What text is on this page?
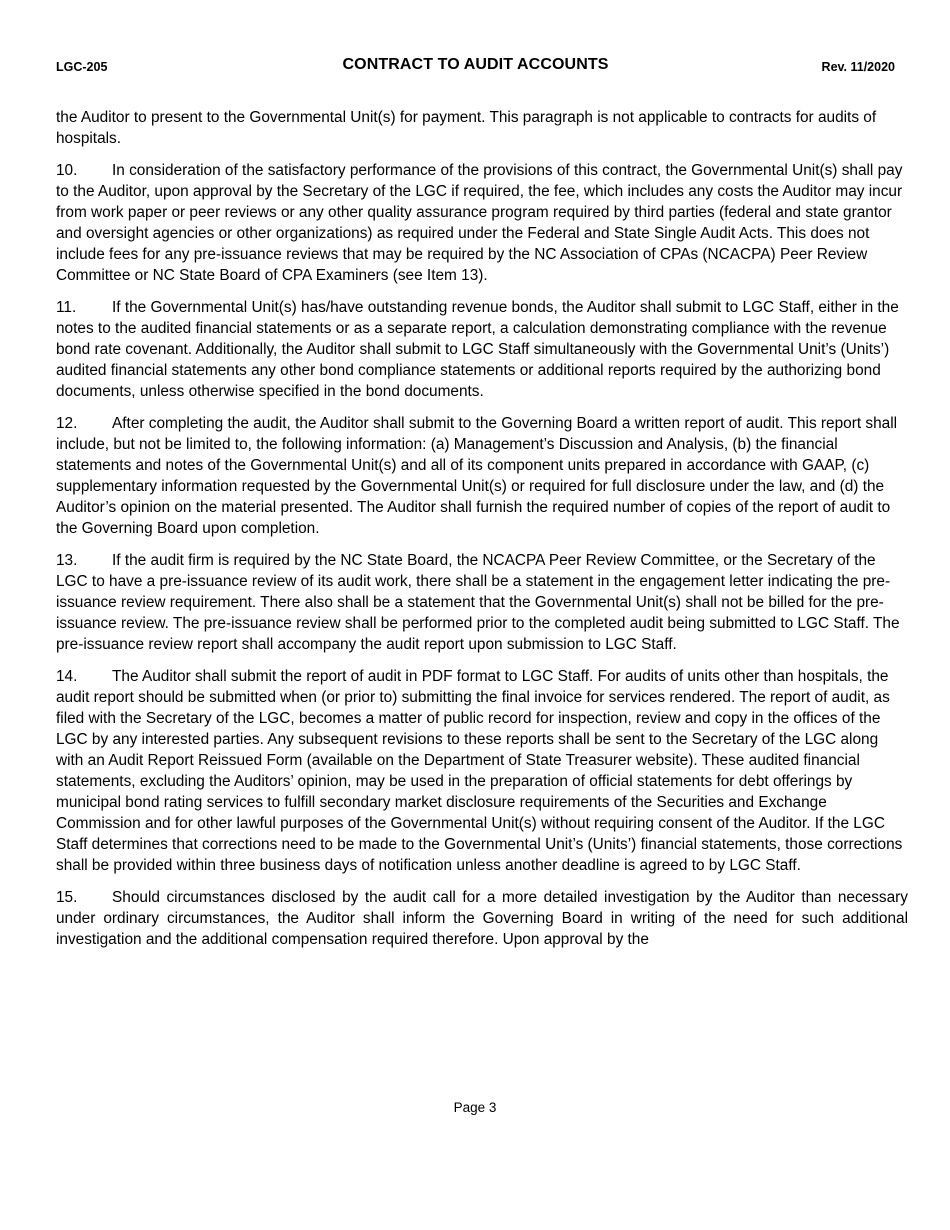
LGC-205	CONTRACT TO AUDIT ACCOUNTS	Rev. 11/2020

the Auditor to present to the Governmental Unit(s) for payment. This paragraph is not applicable to contracts for audits of hospitals.

10. In consideration of the satisfactory performance of the provisions of this contract, the Governmental Unit(s) shall pay to the Auditor, upon approval by the Secretary of the LGC if required, the fee, which includes any costs the Auditor may incur from work paper or peer reviews or any other quality assurance program required by third parties (federal and state grantor and oversight agencies or other organizations) as required under the Federal and State Single Audit Acts. This does not include fees for any pre-issuance reviews that may be required by the NC Association of CPAs (NCACPA) Peer Review Committee or NC State Board of CPA Examiners (see Item 13).

11. If the Governmental Unit(s) has/have outstanding revenue bonds, the Auditor shall submit to LGC Staff, either in the notes to the audited financial statements or as a separate report, a calculation demonstrating compliance with the revenue bond rate covenant. Additionally, the Auditor shall submit to LGC Staff simultaneously with the Governmental Unit’s (Units’) audited financial statements any other bond compliance statements or additional reports required by the authorizing bond documents, unless otherwise specified in the bond documents.

12. After completing the audit, the Auditor shall submit to the Governing Board a written report of audit. This report shall include, but not be limited to, the following information: (a) Management’s Discussion and Analysis, (b) the financial statements and notes of the Governmental Unit(s) and all of its component units prepared in accordance with GAAP, (c) supplementary information requested by the Governmental Unit(s) or required for full disclosure under the law, and (d) the Auditor’s opinion on the material presented. The Auditor shall furnish the required number of copies of the report of audit to the Governing Board upon completion.

13. If the audit firm is required by the NC State Board, the NCACPA Peer Review Committee, or the Secretary of the LGC to have a pre-issuance review of its audit work, there shall be a statement in the engagement letter indicating the pre-issuance review requirement. There also shall be a statement that the Governmental Unit(s) shall not be billed for the pre-issuance review. The pre-issuance review shall be performed prior to the completed audit being submitted to LGC Staff. The pre-issuance review report shall accompany the audit report upon submission to LGC Staff.

14. The Auditor shall submit the report of audit in PDF format to LGC Staff. For audits of units other than hospitals, the audit report should be submitted when (or prior to) submitting the final invoice for services rendered. The report of audit, as filed with the Secretary of the LGC, becomes a matter of public record for inspection, review and copy in the offices of the LGC by any interested parties. Any subsequent revisions to these reports shall be sent to the Secretary of the LGC along with an Audit Report Reissued Form (available on the Department of State Treasurer website). These audited financial statements, excluding the Auditors’ opinion, may be used in the preparation of official statements for debt offerings by municipal bond rating services to fulfill secondary market disclosure requirements of the Securities and Exchange Commission and for other lawful purposes of the Governmental Unit(s) without requiring consent of the Auditor. If the LGC Staff determines that corrections need to be made to the Governmental Unit’s (Units’) financial statements, those corrections shall be provided within three business days of notification unless another deadline is agreed to by LGC Staff.

15. Should circumstances disclosed by the audit call for a more detailed investigation by the Auditor than necessary under ordinary circumstances, the Auditor shall inform the Governing Board in writing of the need for such additional investigation and the additional compensation required therefore. Upon approval by the

Page 3
